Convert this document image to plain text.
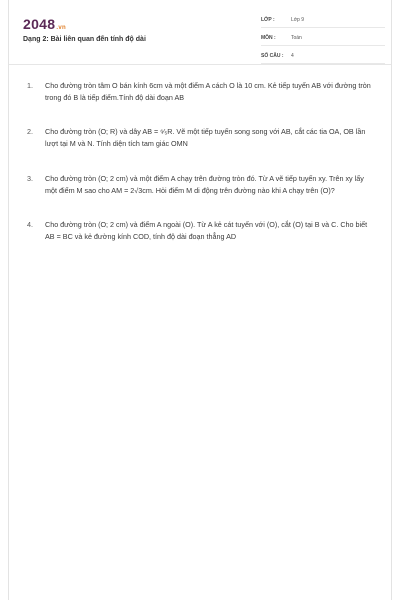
2048.vn
Dạng 2: Bài liên quan đến tính độ dài
LỚP :	Lớp 9
MÔN :	Toán
SỐ CÂU : 4
1. Cho đường tròn tâm O bán kính 6cm và một điểm A cách O là 10 cm. Kẻ tiếp tuyến AB với đường tròn trong đó B là tiếp điểm.Tính độ dài đoạn AB
2. Cho đường tròn (O; R) và dây AB = ⁶⁄₅R. Vẽ một tiếp tuyến song song với AB, cắt các tia OA, OB lần lượt tại M và N. Tính diện tích tam giác OMN
3. Cho đường tròn (O; 2 cm) và một điểm A chạy trên đường tròn đó. Từ A vẽ tiếp tuyến xy. Trên xy lấy một điểm M sao cho AM = 2√3cm. Hỏi điểm M di động trên đường nào khi A chạy trên (O)?
4. Cho đường tròn (O; 2 cm) và điểm A ngoài (O). Từ A kẻ cát tuyến với (O), cắt (O) tại B và C. Cho biết AB = BC và kẻ đường kính COD, tính độ dài đoạn thẳng AD
